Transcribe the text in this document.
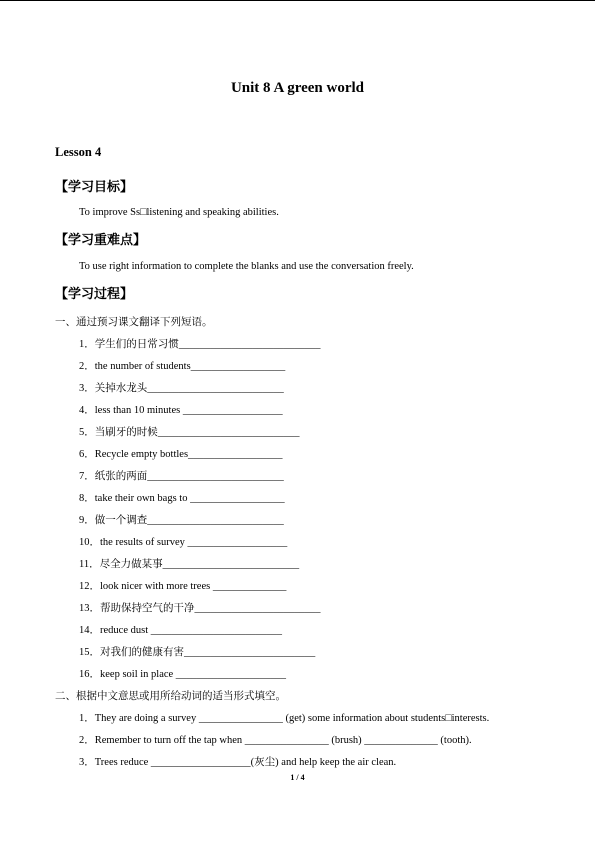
Unit 8 A green world
Lesson 4
【学习目标】
To improve Ss□listening and speaking abilities.
【学习重难点】
To use right information to complete the blanks and use the conversation freely.
【学习过程】
一、通过预习课文翻译下列短语。
1．学生们的日常习惯___________________________
2．the number of students__________________
3．关掉水龙头__________________________
4．less than 10 minutes ___________________
5．当刷牙的时候___________________________
6．Recycle empty bottles__________________
7．纸张的两面__________________________
8．take their own bags to __________________
9．做一个调查__________________________
10．the results of survey ___________________
11．尽全力做某事__________________________
12．look nicer with more trees ______________
13．帮助保持空气的干净________________________
14．reduce dust _________________________
15．对我们的健康有害_________________________
16．keep soil in place _____________________
二、根据中文意思或用所给动词的适当形式填空。
1．They are doing a survey ________________ (get) some information about students□interests.
2．Remember to turn off the tap when ________________ (brush) ______________ (tooth).
3．Trees reduce ___________________(灰尘) and help keep the air clean.
1 / 4
